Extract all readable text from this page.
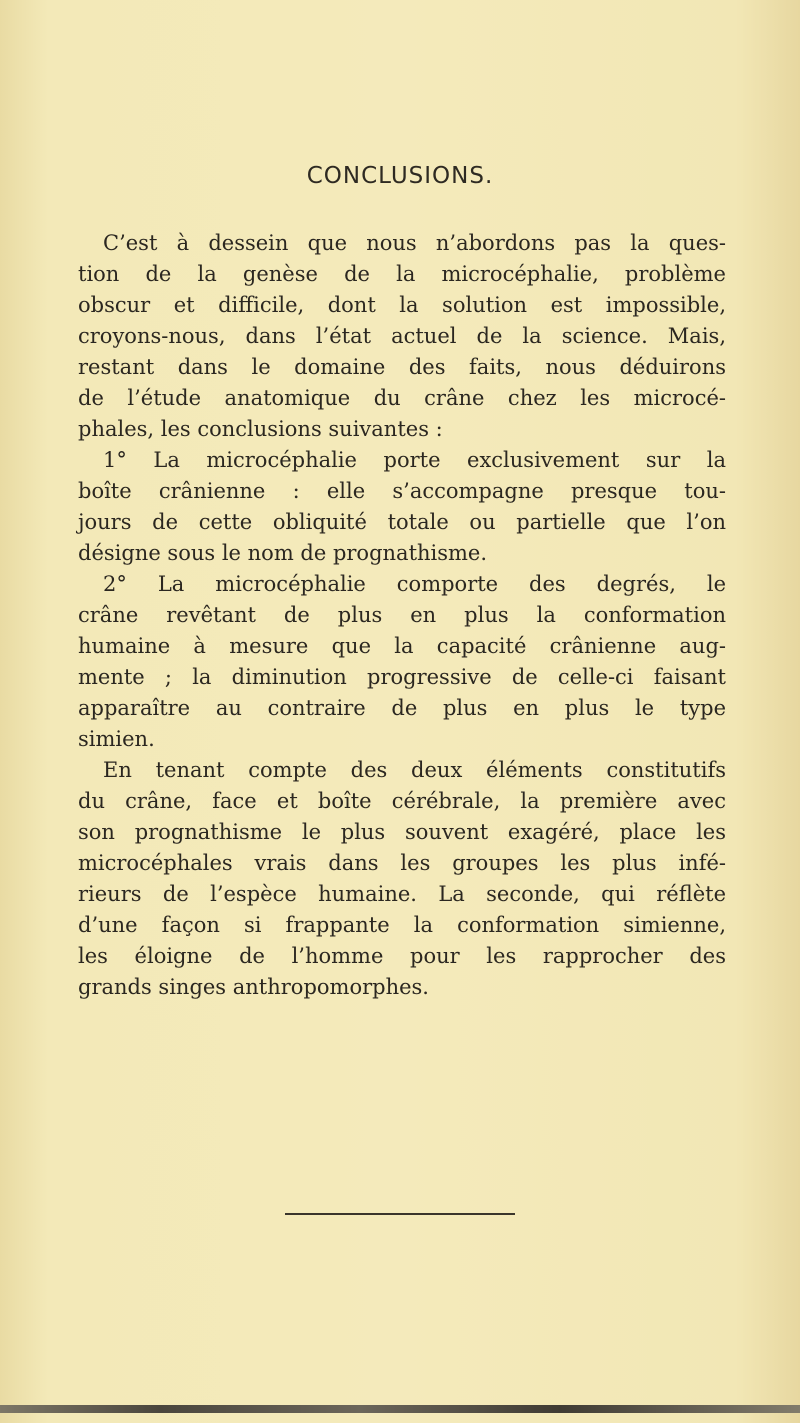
CONCLUSIONS.
C’est à dessein que nous n’abordons pas la ques-
tion de la genèse de la microcéphalie, problème
obscur et difficile, dont la solution est impossible,
croyons-nous, dans l’état actuel de la science. Mais,
restant dans le domaine des faits, nous déduirons
de l’étude anatomique du crâne chez les microcé-
phales, les conclusions suivantes :
1° La microcéphalie porte exclusivement sur la
boîte crânienne : elle s’accompagne presque tou-
jours de cette obliquité totale ou partielle que l’on
désigne sous le nom de prognathisme.
2° La microcéphalie comporte des degrés, le
crâne revêtant de plus en plus la conformation
humaine à mesure que la capacité crânienne aug-
mente ; la diminution progressive de celle-ci faisant
apparaître au contraire de plus en plus le type
simien.
En tenant compte des deux éléments constitutifs
du crâne, face et boîte cérébrale, la première avec
son prognathisme le plus souvent exagéré, place les
microcéphales vrais dans les groupes les plus infé-
rieurs de l’espèce humaine. La seconde, qui réflète
d’une façon si frappante la conformation simienne,
les éloigne de l’homme pour les rapprocher des
grands singes anthropomorphes.
